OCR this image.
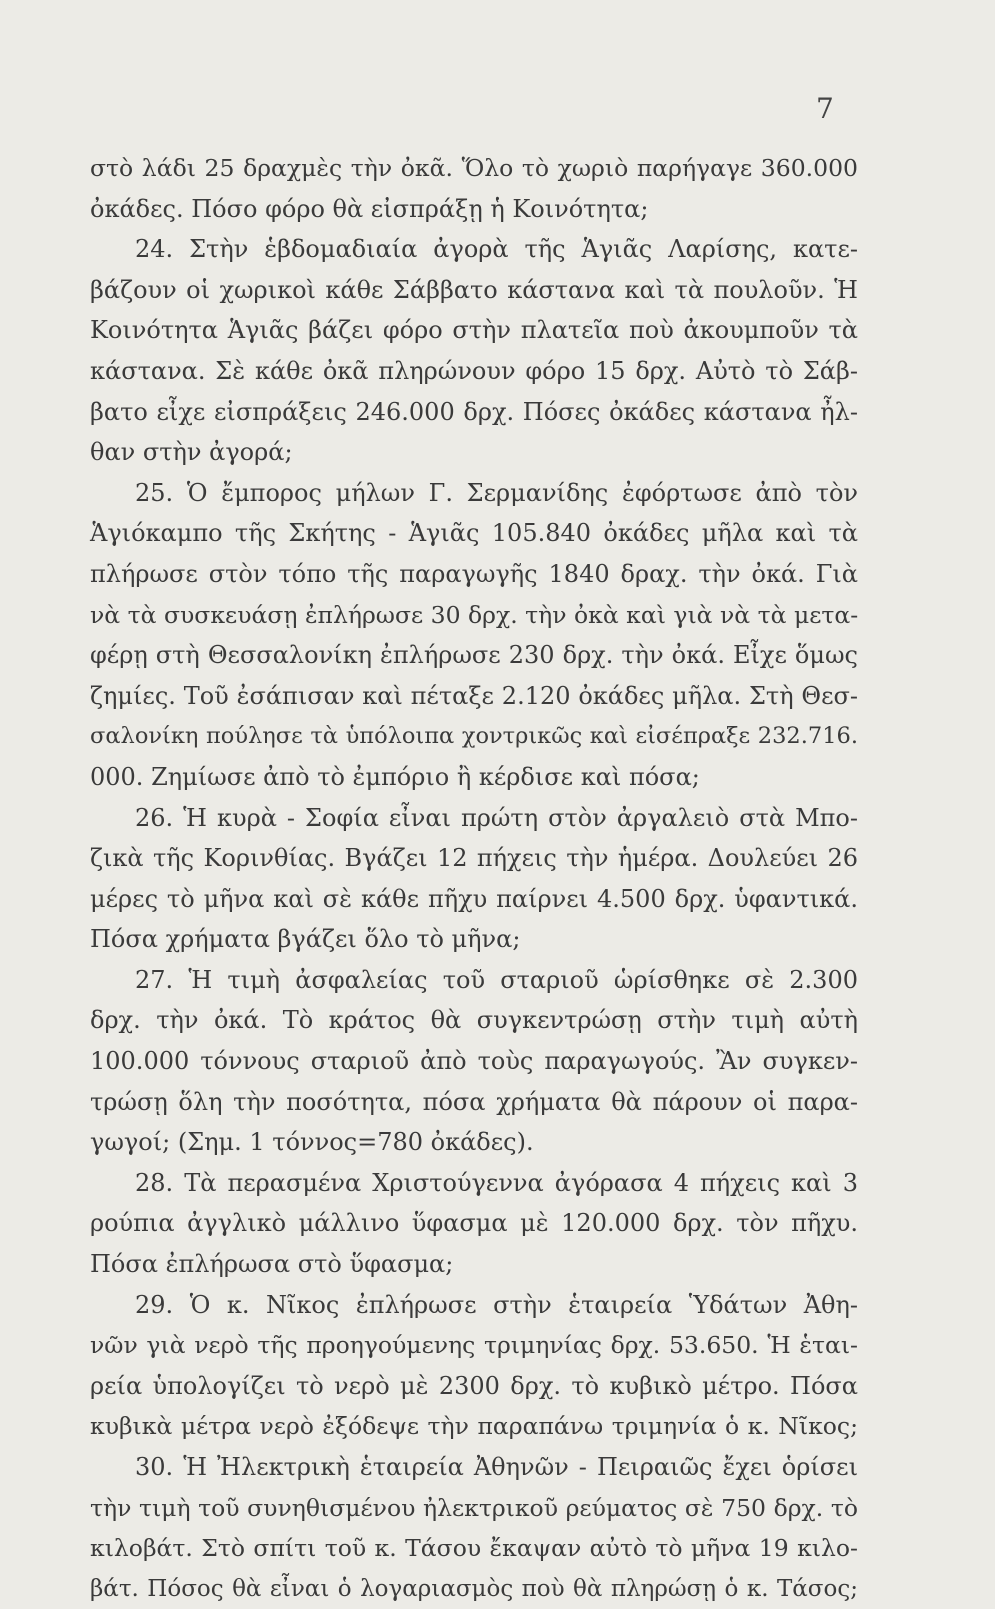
7
στὸ λάδι 25 δραχμὲς τὴν ὀκᾶ. Ὅλο τὸ χωριὸ παρήγαγε 360.000
ὀκάδες. Πόσο φόρο θὰ εἰσπράξῃ ἡ Κοινότητα;
24. Στὴν ἑβδομαδιαία ἀγορὰ τῆς Ἁγιᾶς Λαρίσης, κατε-
βάζουν οἱ χωρικοὶ κάθε Σάββατο κάστανα καὶ τὰ πουλοῦν. Ἡ
Κοινότητα Ἁγιᾶς βάζει φόρο στὴν πλατεῖα ποὺ ἀκουμποῦν τὰ
κάστανα. Σὲ κάθε ὀκᾶ πληρώνουν φόρο 15 δρχ. Αὐτὸ τὸ Σάβ-
βατο εἶχε εἰσπράξεις 246.000 δρχ. Πόσες ὀκάδες κάστανα ἦλ-
θαν στὴν ἀγορά;
25. Ὁ ἔμπορος μήλων Γ. Σερμανίδης ἐφόρτωσε ἀπὸ τὸν
Ἁγιόκαμπο τῆς Σκήτης - Ἁγιᾶς 105.840 ὀκάδες μῆλα καὶ τὰ
πλήρωσε στὸν τόπο τῆς παραγωγῆς 1840 δραχ. τὴν ὀκά. Γιὰ
νὰ τὰ συσκευάσῃ ἐπλήρωσε 30 δρχ. τὴν ὀκὰ καὶ γιὰ νὰ τὰ μετα-
φέρῃ στὴ Θεσσαλονίκη ἐπλήρωσε 230 δρχ. τὴν ὀκά. Εἶχε ὅμως
ζημίες. Τοῦ ἐσάπισαν καὶ πέταξε 2.120 ὀκάδες μῆλα. Στὴ Θεσ-
σαλονίκη πούλησε τὰ ὑπόλοιπα χοντρικῶς καὶ εἰσέπραξε 232.716.
000. Ζημίωσε ἀπὸ τὸ ἐμπόριο ἢ κέρδισε καὶ πόσα;
26. Ἡ κυρὰ - Σοφία εἶναι πρώτη στὸν ἀργαλειὸ στὰ Μπο-
ζικὰ τῆς Κορινθίας. Βγάζει 12 πήχεις τὴν ἡμέρα. Δουλεύει 26
μέρες τὸ μῆνα καὶ σὲ κάθε πῆχυ παίρνει 4.500 δρχ. ὑφαντικά.
Πόσα χρήματα βγάζει ὅλο τὸ μῆνα;
27. Ἡ τιμὴ ἀσφαλείας τοῦ σταριοῦ ὡρίσθηκε σὲ 2.300
δρχ. τὴν ὀκά. Τὸ κράτος θὰ συγκεντρώσῃ στὴν τιμὴ αὐτὴ
100.000 τόννους σταριοῦ ἀπὸ τοὺς παραγωγούς. Ἂν συγκεν-
τρώσῃ ὅλη τὴν ποσότητα, πόσα χρήματα θὰ πάρουν οἱ παρα-
γωγοί; (Σημ. 1 τόννος=780 ὀκάδες).
28. Τὰ περασμένα Χριστούγεννα ἀγόρασα 4 πήχεις καὶ 3
ρούπια ἀγγλικὸ μάλλινο ὕφασμα μὲ 120.000 δρχ. τὸν πῆχυ.
Πόσα ἐπλήρωσα στὸ ὕφασμα;
29. Ὁ κ. Νῖκος ἐπλήρωσε στὴν ἑταιρεία Ὑδάτων Ἀθη-
νῶν γιὰ νερὸ τῆς προηγούμενης τριμηνίας δρχ. 53.650. Ἡ ἑται-
ρεία ὑπολογίζει τὸ νερὸ μὲ 2300 δρχ. τὸ κυβικὸ μέτρο. Πόσα
κυβικὰ μέτρα νερὸ ἐξόδεψε τὴν παραπάνω τριμηνία ὁ κ. Νῖκος;
30. Ἡ Ἠλεκτρικὴ ἑταιρεία Ἀθηνῶν - Πειραιῶς ἔχει ὁρίσει
τὴν τιμὴ τοῦ συνηθισμένου ἠλεκτρικοῦ ρεύματος σὲ 750 δρχ. τὸ
κιλοβάτ. Στὸ σπίτι τοῦ κ. Τάσου ἔκαψαν αὐτὸ τὸ μῆνα 19 κιλο-
βάτ. Πόσος θὰ εἶναι ὁ λογαριασμὸς ποὺ θὰ πληρώσῃ ὁ κ. Τάσος;
